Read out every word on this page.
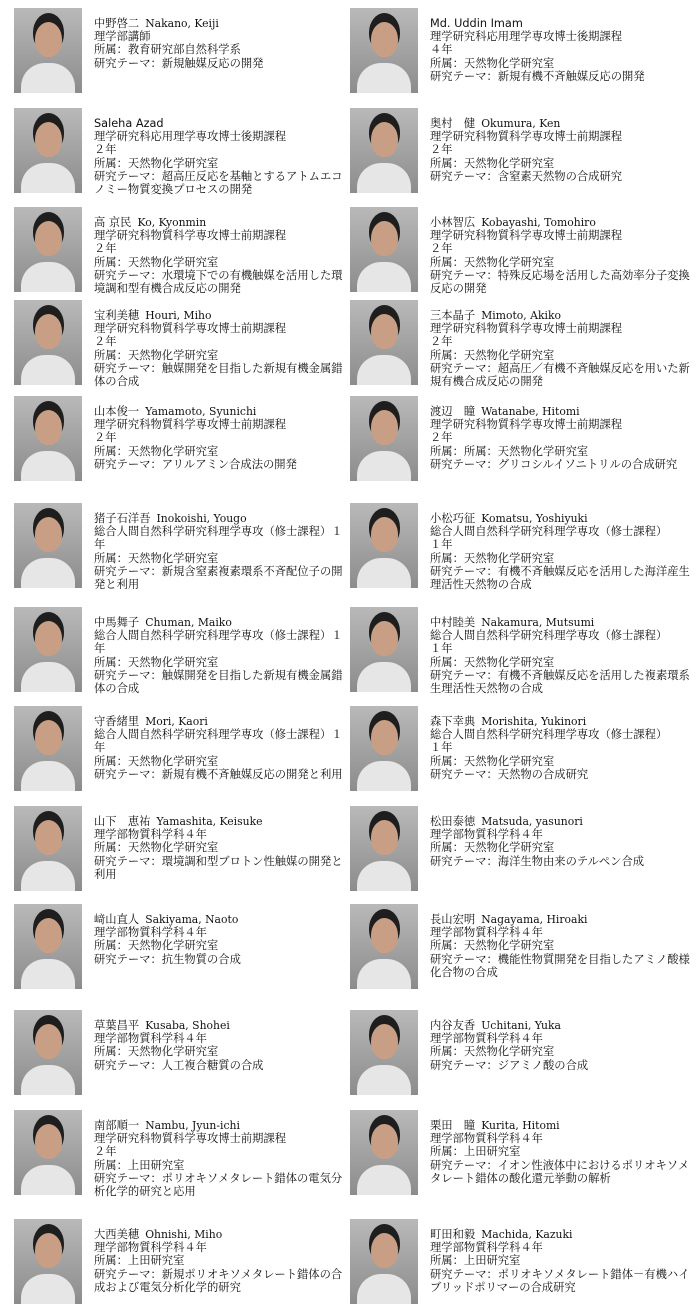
中野啓二 Nakano, Keiji
理学部講師
所属：教育研究部自然科学系
研究テーマ：新規触媒反応の開発
Saleha Azad
理学研究科応用理学専攻博士後期課程
２年
所属：天然物化学研究室
研究テーマ：超高圧反応を基軸とするアトムエコノミー物質変換プロセスの開発
高 京民 Ko, Kyonmin
理学研究科物質科学専攻博士前期課程
２年
所属：天然物化学研究室
研究テーマ：水環境下での有機触媒を活用した環境調和型有機合成反応の開発
宝利美穂 Houri, Miho
理学研究科物質科学専攻博士前期課程
２年
所属：天然物化学研究室
研究テーマ：触媒開発を目指した新規有機金属錯体の合成
山本俊一 Yamamoto, Syunichi
理学研究科物質科学専攻博士前期課程
２年
所属：天然物化学研究室
研究テーマ：アリルアミン合成法の開発
猪子石洋吾 Inokoishi, Yougo
総合人間自然科学研究科理学専攻（修士課程）１年
所属：天然物化学研究室
研究テーマ：新規含窒素複素環系不斉配位子の開発と利用
中馬舞子 Chuman, Maiko
総合人間自然科学研究科理学専攻（修士課程）１年
所属：天然物化学研究室
研究テーマ：触媒開発を目指した新規有機金属錯体の合成
守香緒里 Mori, Kaori
総合人間自然科学研究科理学専攻（修士課程）１年
所属：天然物化学研究室
研究テーマ：新規有機不斉触媒反応の開発と利用
山下　恵祐 Yamashita, Keisuke
理学部物質科学科４年
所属：天然物化学研究室
研究テーマ：環境調和型ブロトン性触媒の開発と利用
﨑山直人 Sakiyama, Naoto
理学部物質科学科４年
所属：天然物化学研究室
研究テーマ：抗生物質の合成
草葉昌平 Kusaba, Shohei
理学部物質科学科４年
所属：天然物化学研究室
研究テーマ：人工複合糖質の合成
南部順一 Nambu, Jyun-ichi
理学研究科物質科学専攻博士前期課程
２年
所属：上田研究室
研究テーマ：ポリオキソメタレート錯体の電気分析化学的研究と応用
大西美穂 Ohnishi, Miho
理学部物質科学科４年
所属：上田研究室
研究テーマ：新規ポリオキソメタレート錯体の合成および電気分析化学的研究
Md. Uddin Imam
理学研究科応用理学専攻博士後期課程
４年
所属：天然物化学研究室
研究テーマ：新規有機不斉触媒反応の開発
奥村　健 Okumura, Ken
理学研究科物質科学専攻博士前期課程
２年
所属：天然物化学研究室
研究テーマ：含窒素天然物の合成研究
小林智広 Kobayashi, Tomohiro
理学研究科物質科学専攻博士前期課程
２年
所属：天然物化学研究室
研究テーマ：特殊反応場を活用した高効率分子変換反応の開発
三本晶子 Mimoto, Akiko
理学研究科物質科学専攻博士前期課程
２年
所属：天然物化学研究室
研究テーマ：超高圧／有機不斉触媒反応を用いた新規有機合成反応の開発
渡辺　瞳 Watanabe, Hitomi
理学研究科物質科学専攻博士前期課程
２年
所属：所属：天然物化学研究室
研究テーマ：グリコシルイソニトリルの合成研究
小松巧征 Komatsu, Yoshiyuki
総合人間自然科学研究科理学専攻（修士課程）
１年
所属：天然物化学研究室
研究テーマ：有機不斉触媒反応を活用した海洋産生理活性天然物の合成
中村睦美 Nakamura, Mutsumi
総合人間自然科学研究科理学専攻（修士課程）
１年
所属：天然物化学研究室
研究テーマ：有機不斉触媒反応を活用した複素環系生理活性天然物の合成
森下幸典 Morishita, Yukinori
総合人間自然科学研究科理学専攻（修士課程）
１年
所属：天然物化学研究室
研究テーマ：天然物の合成研究
松田泰徳 Matsuda, yasunori
理学部物質科学科４年
所属：天然物化学研究室
研究テーマ：海洋生物由来のテルペン合成
長山宏明 Nagayama, Hiroaki
理学部物質科学科４年
所属：天然物化学研究室
研究テーマ：機能性物質開発を目指したアミノ酸様化合物の合成
内谷友香 Uchitani, Yuka
理学部物質科学科４年
所属：天然物化学研究室
研究テーマ：ジアミノ酸の合成
栗田　瞳 Kurita, Hitomi
理学部物質科学科４年
所属：上田研究室
研究テーマ：イオン性液体中におけるポリオキソメタレート錯体の酸化還元挙動の解析
町田和毅 Machida, Kazuki
理学部物質科学科４年
所属：上田研究室
研究テーマ：ポリオキソメタレート錯体－有機ハイブリッドポリマーの合成研究
